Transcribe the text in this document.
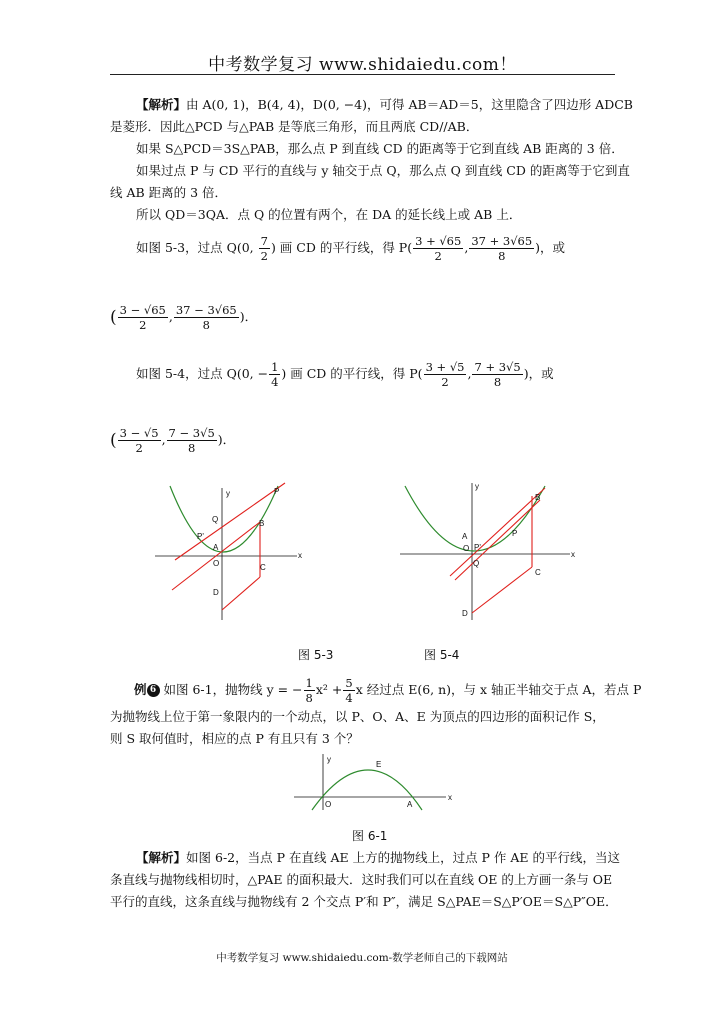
中考数学复习 www.shidaiedu.com！
【解析】由 A(0, 1)，B(4, 4)，D(0, −4)，可得 AB＝AD＝5，这里隐含了四边形 ADCB
是菱形．因此△PCD 与△PAB 是等底三角形，而且两底 CD//AB．
如果 S△PCD＝3S△PAB，那么点 P 到直线 CD 的距离等于它到直线 AB 距离的 3 倍．
如果过点 P 与 CD 平行的直线与 y 轴交于点 Q，那么点 Q 到直线 CD 的距离等于它到直
线 AB 距离的 3 倍．
所以 QD＝3QA．点 Q 的位置有两个，在 DA 的延长线上或 AB 上．
如图 5-3，过点 Q(0, $\frac{7}{2}$ ) 画 CD 的平行线，得 $P( \frac{3 + √65}{2}$ , $\frac{37 + 3√65}{8}$ )，或
( $\frac{3 - √65}{2}$ , $\frac{37 - 3√65}{8}$ )．
如图 5-4，过点 Q(0, − $\frac{1}{4}$ ) 画 CD 的平行线，得 $P( \frac{3 + √5}{2}$ , $\frac{7 + 3√5}{8}$ )，或
( $\frac{3 - √5}{2}$ , $\frac{7 - 3√5}{8}$ )．
P
Q	B
P'
A
O	C
D
x
y
图 5-3
B
P
A
P'
O
Q
C
D
x
y
图 5-4
例 6 如图 6-1，抛物线 y = − $\frac{1}{8} x^2 + \frac{5}{4}$ x 经过点 E(6, n)，与 x 轴正半轴交于点 A，若点 P
为抛物线上位于第一象限内的一个动点，以 P、O、A、E 为顶点的四边形的面积记作 S，
则 S 取何值时，相应的点 P 有且只有 3 个？
y
E
O	A
x
图 6-1
【解析】如图 6-2，当点 P 在直线 AE 上方的抛物线上，过点 P 作 AE 的平行线，当这
条直线与抛物线相切时，△PAE 的面积最大．这时我们可以在直线 OE 的上方画一条与 OE
平行的直线，这条直线与抛物线有 2 个交点 P′和 P″，满足 S△PAE＝S△P′OE＝S△P″OE．
中考数学复习 www.shidaiedu.com-数学老师自己的下载网站
